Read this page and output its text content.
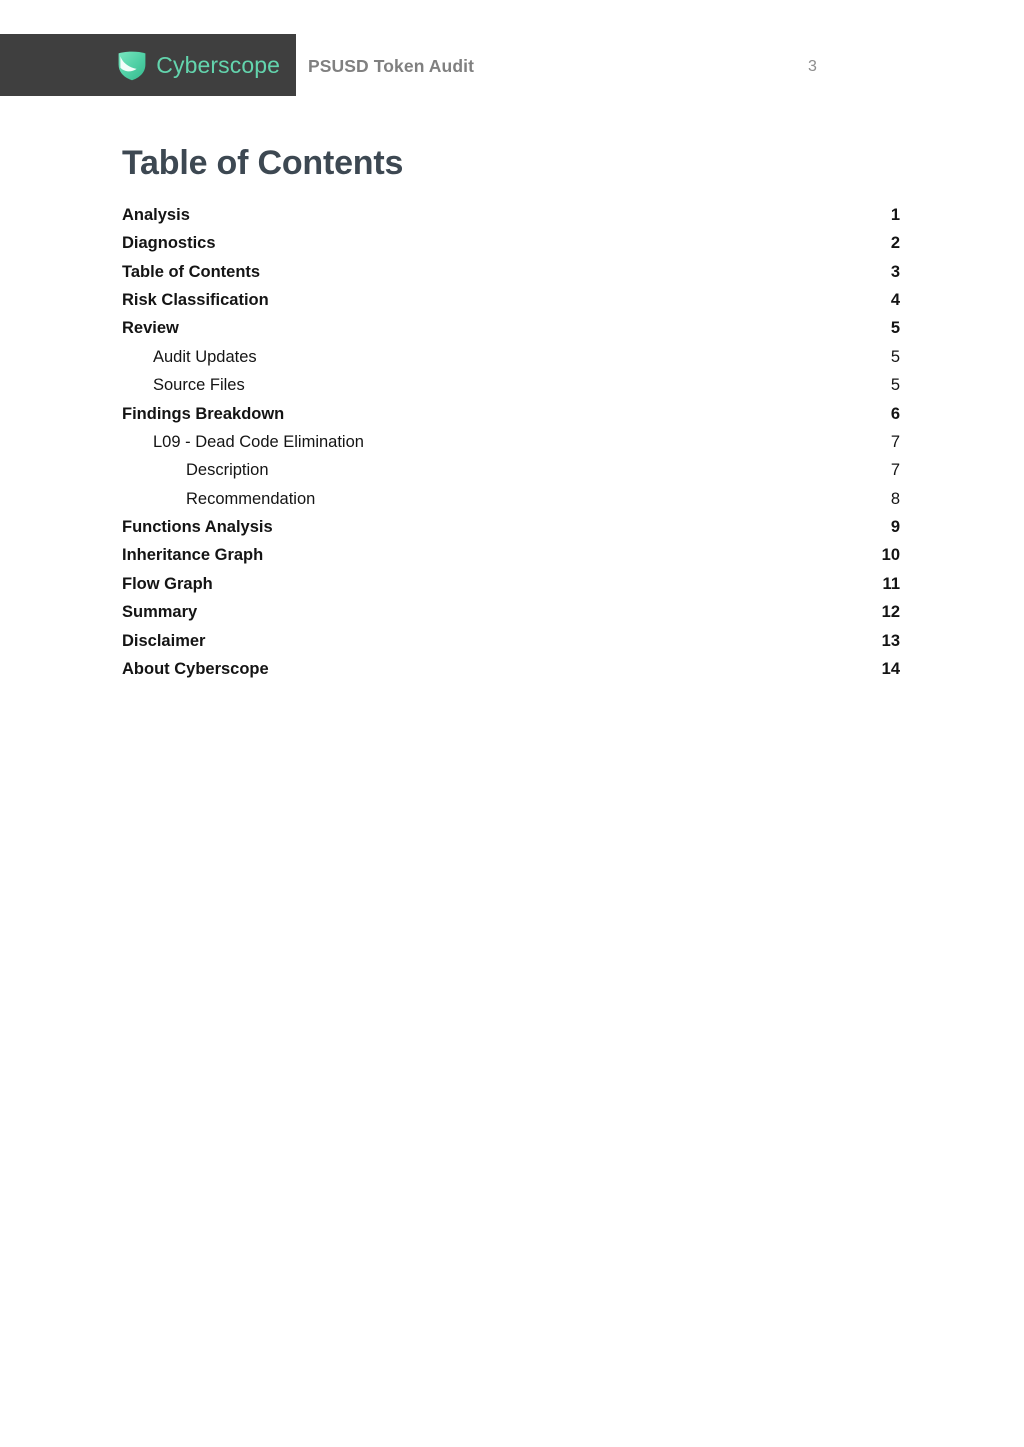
Cyberscope PSUSD Token Audit	3
Table of Contents
Analysis	1
Diagnostics	2
Table of Contents	3
Risk Classification	4
Review	5
Audit Updates	5
Source Files	5
Findings Breakdown	6
L09 - Dead Code Elimination	7
Description	7
Recommendation	8
Functions Analysis	9
Inheritance Graph	10
Flow Graph	11
Summary	12
Disclaimer	13
About Cyberscope	14
